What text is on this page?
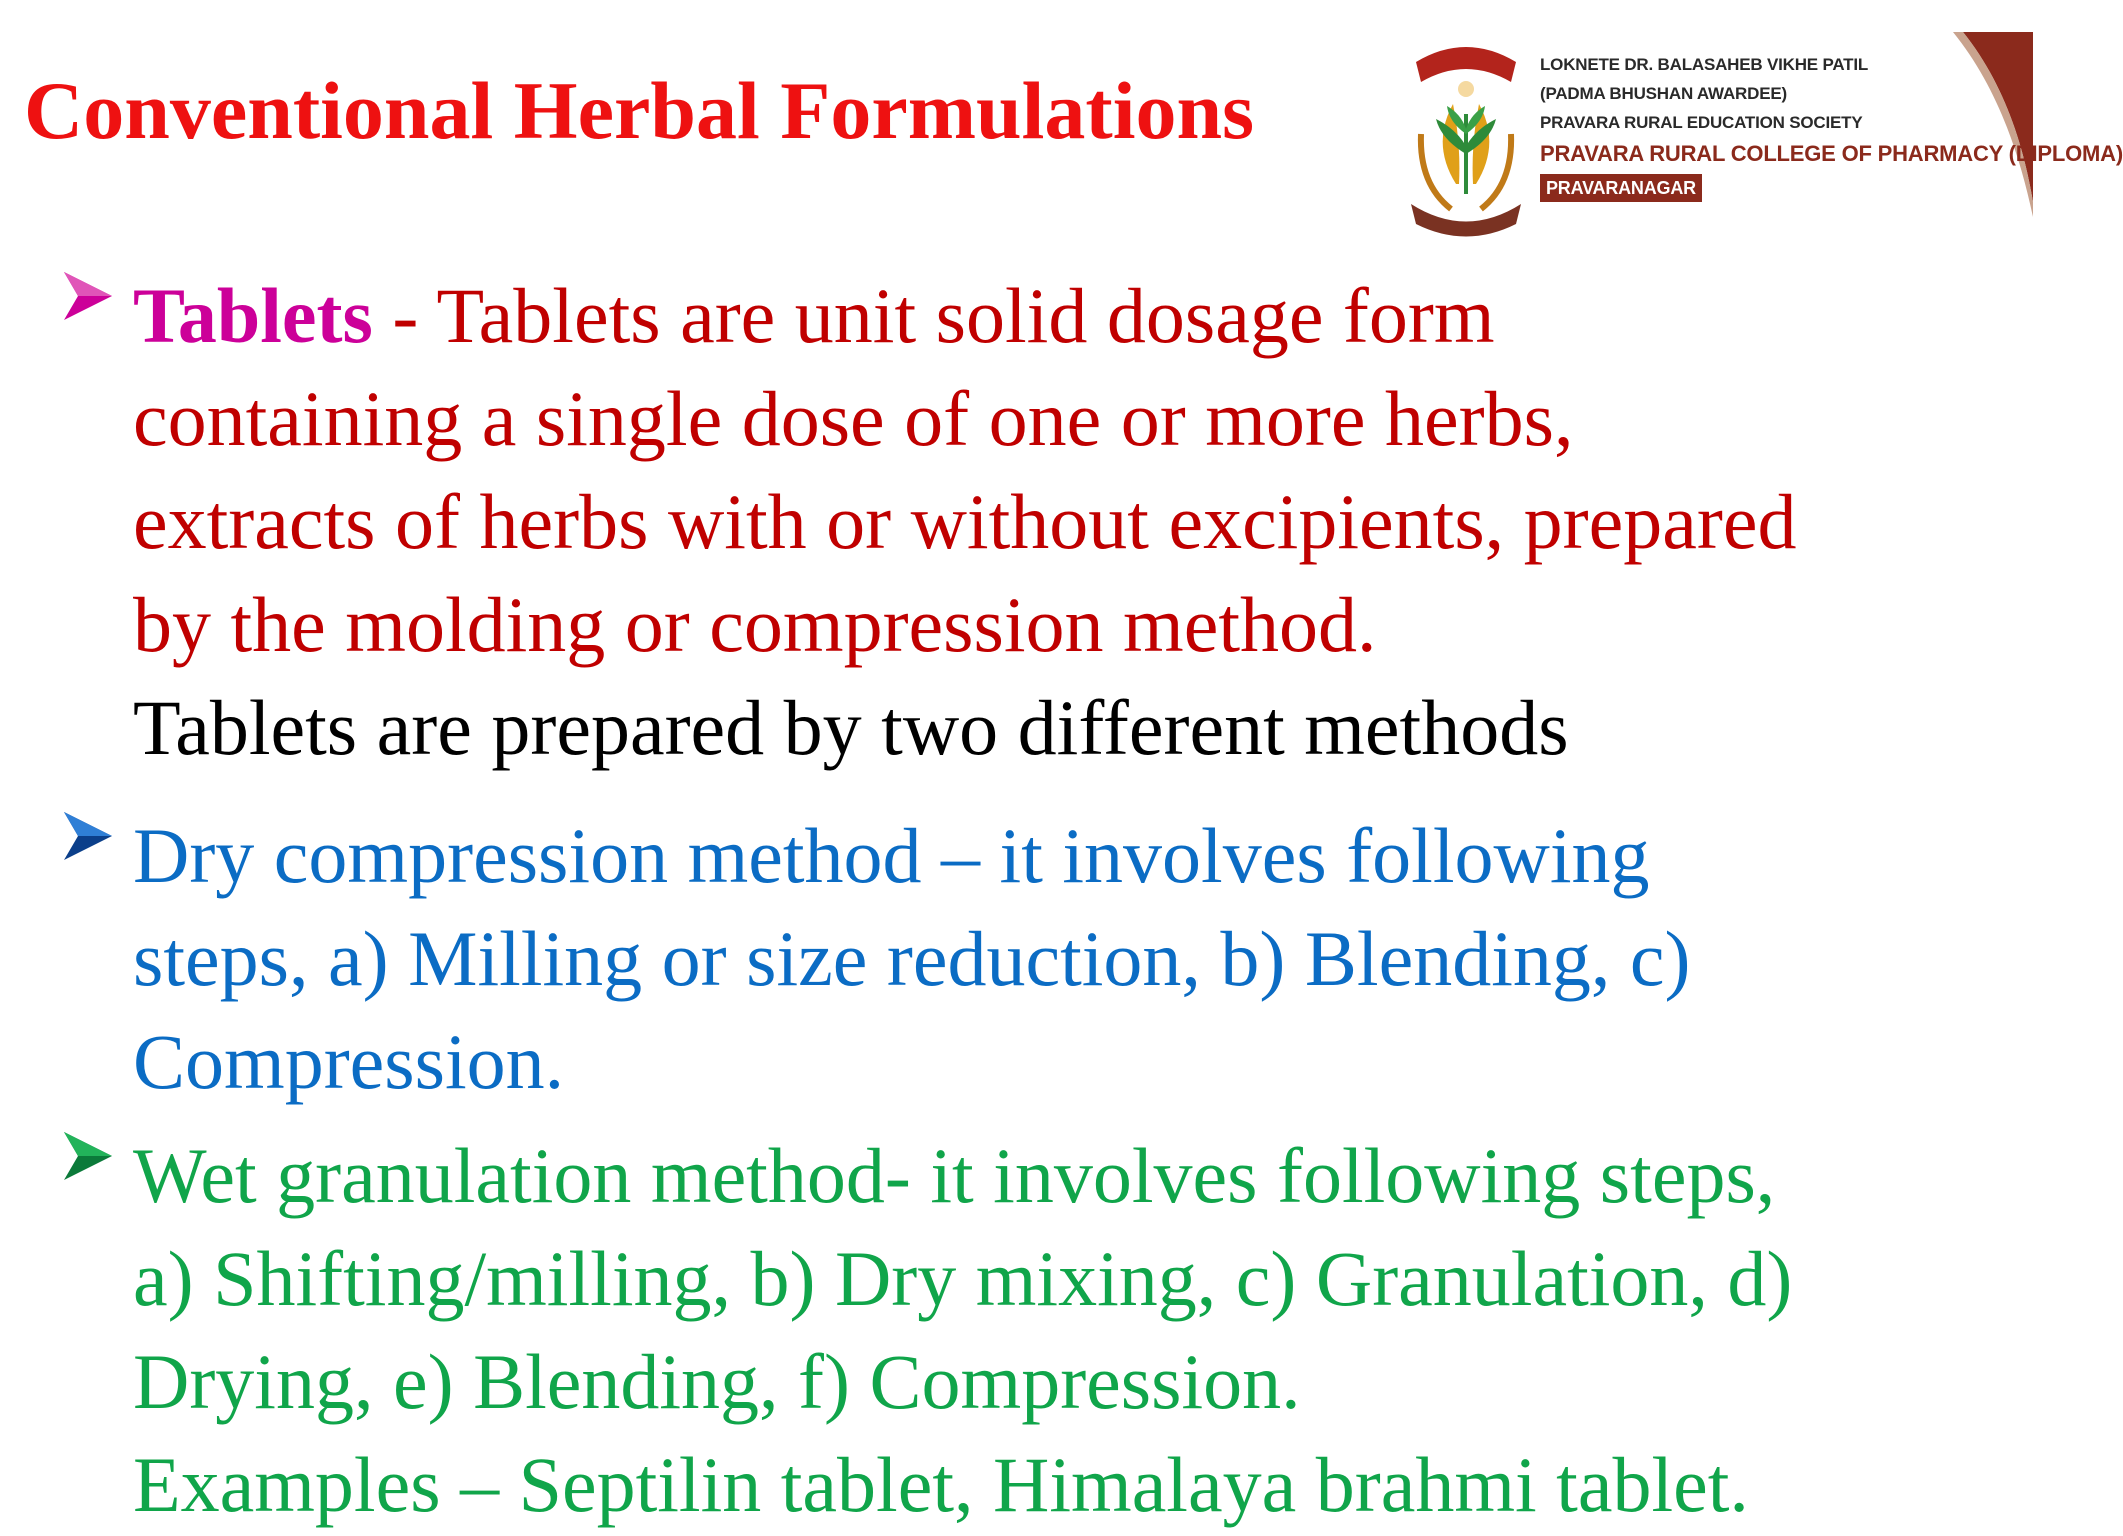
Conventional Herbal Formulations
LOKNETE DR. BALASAHEB VIKHE PATIL
(PADMA BHUSHAN AWARDEE)
PRAVARA RURAL EDUCATION SOCIETY
PRAVARA RURAL COLLEGE OF PHARMACY (DIPLOMA)
PRAVARANAGAR
Tablets - Tablets are unit solid dosage form
containing a single dose of one or more herbs,
extracts of herbs with or without excipients, prepared
by the molding or compression method.
Tablets are prepared by two different methods
Dry compression method – it involves following
steps, a) Milling or size reduction, b) Blending, c)
Compression.
Wet granulation method- it involves following steps,
a) Shifting/milling, b) Dry mixing, c) Granulation, d)
Drying, e) Blending, f) Compression.
Examples – Septilin tablet, Himalaya brahmi tablet.
